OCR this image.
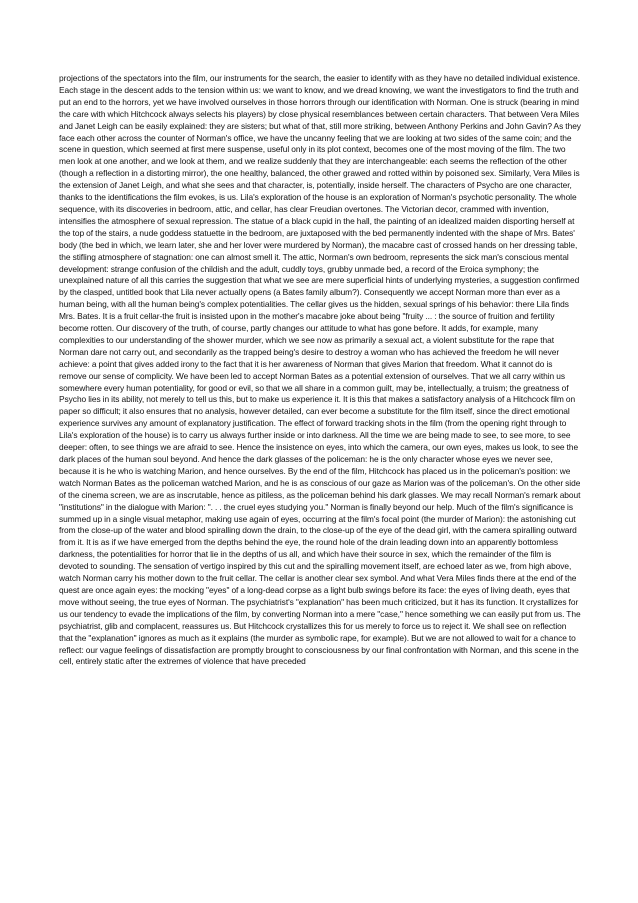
projections of the spectators into the film, our instruments for the search, the easier to identify with as they have no detailed individual existence. Each stage in the descent adds to the tension within us: we want to know, and we dread knowing, we want the investigators to find the truth and put an end to the horrors, yet we have involved ourselves in those horrors through our identification with Norman. One is struck (bearing in mind the care with which Hitchcock always selects his players) by close physical resemblances between certain characters. That between Vera Miles and Janet Leigh can be easily explained: they are sisters; but what of that, still more striking, between Anthony Perkins and John Gavin? As they face each other across the counter of Norman's office, we have the uncanny feeling that we are looking at two sides of the same coin; and the scene in question, which seemed at first mere suspense, useful only in its plot context, becomes one of the most moving of the film. The two men look at one another, and we look at them, and we realize suddenly that they are interchangeable: each seems the reflection of the other (though a reflection in a distorting mirror), the one healthy, balanced, the other grawed and rotted within by poisoned sex. Similarly, Vera Miles is the extension of Janet Leigh, and what she sees and that character, is, potentially, inside herself. The characters of Psycho are one character, thanks to the identifications the film evokes, is us. Lila's exploration of the house is an exploration of Norman's psychotic personality. The whole sequence, with its discoveries in bedroom, attic, and cellar, has clear Freudian overtones. The Victorian decor, crammed with invention, intensifies the atmosphere of sexual repression. The statue of a black cupid in the hall, the painting of an idealized maiden disporting herself at the top of the stairs, a nude goddess statuette in the bedroom, are juxtaposed with the bed permanently indented with the shape of Mrs. Bates' body (the bed in which, we learn later, she and her lover were murdered by Norman), the macabre cast of crossed hands on her dressing table, the stifling atmosphere of stagnation: one can almost smell it. The attic, Norman's own bedroom, represents the sick man's conscious mental development: strange confusion of the childish and the adult, cuddly toys, grubby unmade bed, a record of the Eroica symphony; the unexplained nature of all this carries the suggestion that what we see are mere superficial hints of underlying mysteries, a suggestion confirmed by the clasped, untitled book that Lila never actually opens (a Bates family album?). Consequently we accept Norman more than ever as a human being, with all the human being's complex potentialities. The cellar gives us the hidden, sexual springs of his behavior: there Lila finds Mrs. Bates. It is a fruit cellar-the fruit is insisted upon in the mother's macabre joke about being "fruity ... : the source of fruition and fertility become rotten. Our discovery of the truth, of course, partly changes our attitude to what has gone before. It adds, for example, many complexities to our understanding of the shower murder, which we see now as primarily a sexual act, a violent substitute for the rape that Norman dare not carry out, and secondarily as the trapped being's desire to destroy a woman who has achieved the freedom he will never achieve: a point that gives added irony to the fact that it is her awareness of Norman that gives Marion that freedom. What it cannot do is remove our sense of complicity. We have been led to accept Norman Bates as a potential extension of ourselves. That we all carry within us somewhere every human potentiality, for good or evil, so that we all share in a common guilt, may be, intellectually, a truism; the greatness of Psycho lies in its ability, not merely to tell us this, but to make us experience it. It is this that makes a satisfactory analysis of a Hitchcock film on paper so difficult; it also ensures that no analysis, however detailed, can ever become a substitute for the film itself, since the direct emotional experience survives any amount of explanatory justification. The effect of forward tracking shots in the film (from the opening right through to Lila's exploration of the house) is to carry us always further inside or into darkness. All the time we are being made to see, to see more, to see deeper: often, to see things we are afraid to see. Hence the insistence on eyes, into which the camera, our own eyes, makes us look, to see the dark places of the human soul beyond. And hence the dark glasses of the policeman: he is the only character whose eyes we never see, because it is he who is watching Marion, and hence ourselves. By the end of the film, Hitchcock has placed us in the policeman's position: we watch Norman Bates as the policeman watched Marion, and he is as conscious of our gaze as Marion was of the policeman's. On the other side of the cinema screen, we are as inscrutable, hence as pitiless, as the policeman behind his dark glasses. We may recall Norman's remark about "institutions" in the dialogue with Marion: ". . . the cruel eyes studying you." Norman is finally beyond our help. Much of the film's significance is summed up in a single visual metaphor, making use again of eyes, occurring at the film's focal point (the murder of Marion): the astonishing cut from the close-up of the water and blood spiralling down the drain, to the close-up of the eye of the dead girl, with the camera spiralling outward from it. It is as if we have emerged from the depths behind the eye, the round hole of the drain leading down into an apparently bottomless darkness, the potentialities for horror that lie in the depths of us all, and which have their source in sex, which the remainder of the film is devoted to sounding. The sensation of vertigo inspired by this cut and the spiralling movement itself, are echoed later as we, from high above, watch Norman carry his mother down to the fruit cellar. The cellar is another clear sex symbol. And what Vera Miles finds there at the end of the quest are once again eyes: the mocking "eyes" of a long-dead corpse as a light bulb swings before its face: the eyes of living death, eyes that move without seeing, the true eyes of Norman. The psychiatrist's "explanation" has been much criticized, but it has its function. It crystallizes for us our tendency to evade the implications of the film, by converting Norman into a mere "case," hence something we can easily put from us. The psychiatrist, glib and complacent, reassures us. But Hitchcock crystallizes this for us merely to force us to reject it. We shall see on reflection that the "explanation" ignores as much as it explains (the murder as symbolic rape, for example). But we are not allowed to wait for a chance to reflect: our vague feelings of dissatisfaction are promptly brought to consciousness by our final confrontation with Norman, and this scene in the cell, entirely static after the extremes of violence that have preceded
